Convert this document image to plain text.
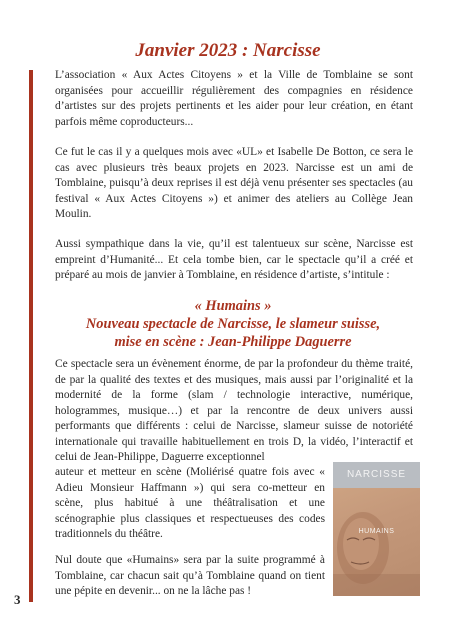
Janvier 2023 : Narcisse

L’association « Aux Actes Citoyens » et la Ville de Tomblaine se sont organisées pour accueillir régulièrement des compagnies en résidence d’artistes sur des projets pertinents et les aider pour leur création, en étant parfois même coproducteurs...

Ce fut le cas il y a quelques mois avec «UL» et Isabelle De Botton, ce sera le cas avec plusieurs très beaux projets en 2023. Narcisse est un ami de Tomblaine, puisqu’à deux reprises il est déjà venu présenter ses spectacles (au festival « Aux Actes Citoyens ») et animer des ateliers au Collège Jean Moulin.

Aussi sympathique dans la vie, qu’il est talentueux sur scène, Narcisse est empreint d’Humanité... Et cela tombe bien, car le spectacle qu’il a créé et préparé au mois de janvier à Tomblaine, en résidence d’artiste, s’intitule :

« Humains »
Nouveau spectacle de Narcisse, le slameur suisse,
mise en scène : Jean-Philippe Daguerre

Ce spectacle sera un évènement énorme, de par la profondeur du thème traité, de par la qualité des textes et des musiques, mais aussi par l’originalité et la modernité de la forme (slam / technologie interactive, numérique, hologrammes, musique…) et par la rencontre de deux univers aussi performants que différents : celui de Narcisse, slameur suisse de notoriété internationale qui travaille habituellement en trois D, la vidéo, l’interactif et celui de Jean-Philippe, Daguerre exceptionnel

auteur et metteur en scène (Moliérisé quatre fois avec « Adieu Monsieur Haffmann ») qui sera co-metteur en scène, plus habitué à une théâtralisation et une scénographie plus classiques et respectueuses des codes traditionnels du théâtre.

Nul doute que «Humains» sera par la suite programmé à Tomblaine, car chacun sait qu’à Tomblaine quand on tient une pépite en devenir... on ne la lâche pas !

3
NARCISSE
HUMAINS
